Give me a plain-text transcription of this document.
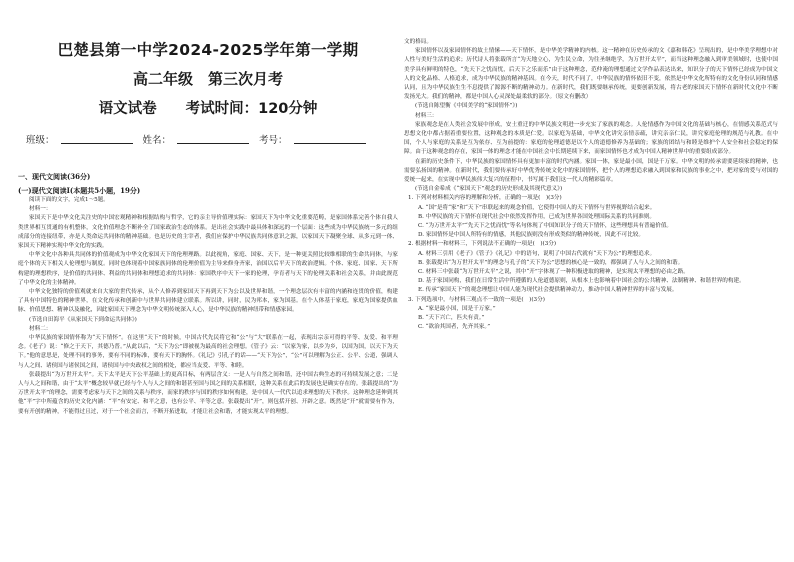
巴楚县第一中学2024-2025学年第一学期
高二年级　第三次月考
语文试卷　　考试时间：120分钟
班级：	姓名：	考号：
一、现代文阅读(36分)
(一)现代文阅读Ⅰ(本题共5小题，19分)

阅读下面的文字，完成1～5题。

材料一：

家国天下是中华文化关注史的中国宏观精神和根据结构与哲学，它的亲主导价值理实际：家国天下为中华文化重要范畴，是家国体系完善个体自我人类世界相互贯通的有机整体，文化价值理念不断补全了国家政治生态的体系。是出社会实践中最具体和深远的一个层面：这些成为中华民族统一多元的组成部分的连接纽带，亦是人类命运共同体的精神基础。也是历史的主宰者，我们应保护中华民族共同体意识之源，以家国天下凝聚全球、从多元到一体、家国天下精神实现中华文化的实践。

中华文化中各种具共同体的价值观成为中华文化家国天下的伦理理路。以此视角，家庭、国家、天下，是一种更关照比较维相联的生命共同体，与家庭个体的天下相关人伦理想与制度。同时也体现着中国家族同体的伦理价值为主导来修身齐家，治国以后平天下的政治逻辑。个体、家庭、国家、天下所构建的理想秩序，是价值的共同体、利益的共同体和理想追求的共同体：家国秩序中天下一家的伦理，孕育者与天下的伦理关系和社会关系，并由此规范了中华文化的主体精神。

中华文化独特的价值观就来自大家的世代传承，从个人修养到家国天下再到天下为公以及世界和谐，一个理念层次有丰富的内涵和连贯的价值，构建了具有中国特色的精神世界，在文化传承和创新中与世界共同体建立联系。所以讲，同时，民为邦本，家为国基。在个人体基于家庭，家庭为国家提供血脉、价值思想、精神以及融化，因此家国天下理念为中华文明传统深入人心，是中华民族的精神纽带和情感家园。

(节选自田海平《从家国天下到命运共同体》)
材料二：

中华民族的家国情怀称为“天下情怀”。在这里“天下”的时候，中国古代先民将它和“公”与“大”联系在一起，表现出宗亲可得的平等、友爱、和平理念。《老子》说：“修之于天下，其德乃普。”从此以后，“天下为公”即被视为最高的社会理想。《管子》云：“以家为家，以乡为乡，以国为国，以天下为天下。”他的意思是，处理不同的事务，要有不同的标准，要有天下的胸怀。《礼记》引孔子的话——“天下为公”，“公”可以理解为公正、公平、公道，强调人与人之间、诸侯国与诸侯国之间，诸侯国与中央政权之间的相处，都应当友爱、平等、和睦。

张载提出“为万世开太平”。天下太平是天下公平基础上的更高目标，有两层含义：一是人与自然之间和谐，还中国古典生态的可持续发展之意；二是人与人之间和谐，由于“太平”概念较早就已经与个人与人之间的和谐甚至国与国之间的关系相联，这种关系在此后的发展也是确实存在的。张载提出的“为万世开太平”的理念，需要考虑家与天下之间的关系与秩序，而家的秩序与国的秩序如何构建，是中国人一代代以追求理想的天下秩序。这种理念延伸到其他“平”字中所蕴含的历史文化内涵：“平”有安定、和平之意，也有公平、平等之意。张载提出“开”，则包括开创、开辟之意。既然是“开”就需要有作为，要有开创的精神，不能得过且过，对于一个社会而言，不断开拓进取，才能让社会和谐，才能实现太平的理想。

文的格局。

家国情怀以及家园情怀的故土情愫——天下情怀，是中华美学精神的内核。这一精神在历史传承的文《嘉和韩花》呈现出的，是中华美学理想中对人性与美好生活的追求；历代诗人将张载所言“为天地立心，为生民立命，为往圣继绝学，为万世开太平”，而当这种理念融入到审美领域时，也使中国美学具有鲜明的特色，“先天下之忧而忧，后天下之乐而乐”由于这种理念，范仲淹的理想通过文学作品表达出来，知识分子的天下情怀已经成为中国文人的文化品格、人格追求，成为中华民族的精神基因。在今天，时代不同了，中华民族的情怀依旧不变，依然是中华文化所特有的文化身份认同和情感认同，且为中华民族生生不息提供了源源不断的精神动力。在新时代，我们既要继承传统，更要创新发展，将古老的家国天下情怀在新时代文化中不断发扬光大。我们的精神，都是中国人心灵深处最柔软的部分。（原文有删改）

(节选自陈望衡《中国美学的“家国情怀”》)
材料三：

家族观念是在人类社会发展中形成，安土重迁的中华民族文明进一步充实了家族的观念。人伦情感作为中国文化的基础与核心，在情感关系范式与思想文化中都占据着重要位置，这种观念的本质是仁爱。以家庭为基础，中华文化讲究亲情亲疏，讲究亲亲仁民，讲究家庭伦理的规范与礼教。在中国，个人与家庭的关系是互为依存、互为前提的：家庭的伦理道德是以个人的道德修养为基础的；家族的团结与和睦是维护个人安全和社会稳定的保障。由于这种观念的存在，家国一体的理念才能在中国社会中长期延续下来，而家国情怀也才成为中国人精神世界中的重要组成部分。

在新的历史条件下，中华民族的家国情怀具有更加丰富的时代内涵。家国一体，家是最小国，国是千万家。中华文明的传承需要延续家的精神，也需要弘扬国的精神。在新时代，我们要传承好中华优秀传统文化中的家国情怀，把个人的理想追求融入到国家和民族的事业之中，把对家的爱与对国的爱统一起来，在实现中华民族伟大复兴的征程中，书写属于我们这一代人的精彩篇章。

(节选自金希成《“家国天下”观念的历史形成及其现代意义》)

1. 下列对材料相关内容的理解和分析，正确的一项是(　)(3分)

A. “国”是将“家”和“天下”串联起来的观念价值，它使得中国人的天下情怀与世界视野结合起来。
B. 中华民族的天下情怀在现代社会中依然发挥作用，已成为世界各国处理国际关系的共同准则。
C. “为万世开太平”“先天下之忧而忧”等名句体现了中国知识分子的天下情怀，这些理想具有普遍价值。
D. 家国情怀是中国人所特有的情感，其他民族则没有形成类似的精神传统，因此不可比较。

2. 根据材料一和材料三，下列说法不正确的一项是(　)(3分)

A. 材料三引用《老子》《管子》《礼记》中的语句，说明了中国古代就有“天下为公”的理想追求。
B. 张载提出“为万世开太平”的理念与孔子的“天下为公”思想的核心是一致的，都强调了人与人之间的和谐。
C. 材料三中张载“为万世开太平”之说，其中“开”字体现了一种积极进取的精神，是实现太平理想的必由之路。
D. 基于家国同构，我们在日常生活中所遵循的人伦道德原则，从根本上也影响着中国社会的公共精神、法制精神、和谐世界的构建。
E. 传承“家国天下”的观念理想让中国人能为现代社会提供精神动力，推动中国人精神世界的丰富与发展。

3. 下列选项中，与材料三观点不一致的一项是(　)(3分)

A. “家是最小国，国是千万家。”
B. “天下兴亡，匹夫有责。”
C. “欲治其国者，先齐其家。”
